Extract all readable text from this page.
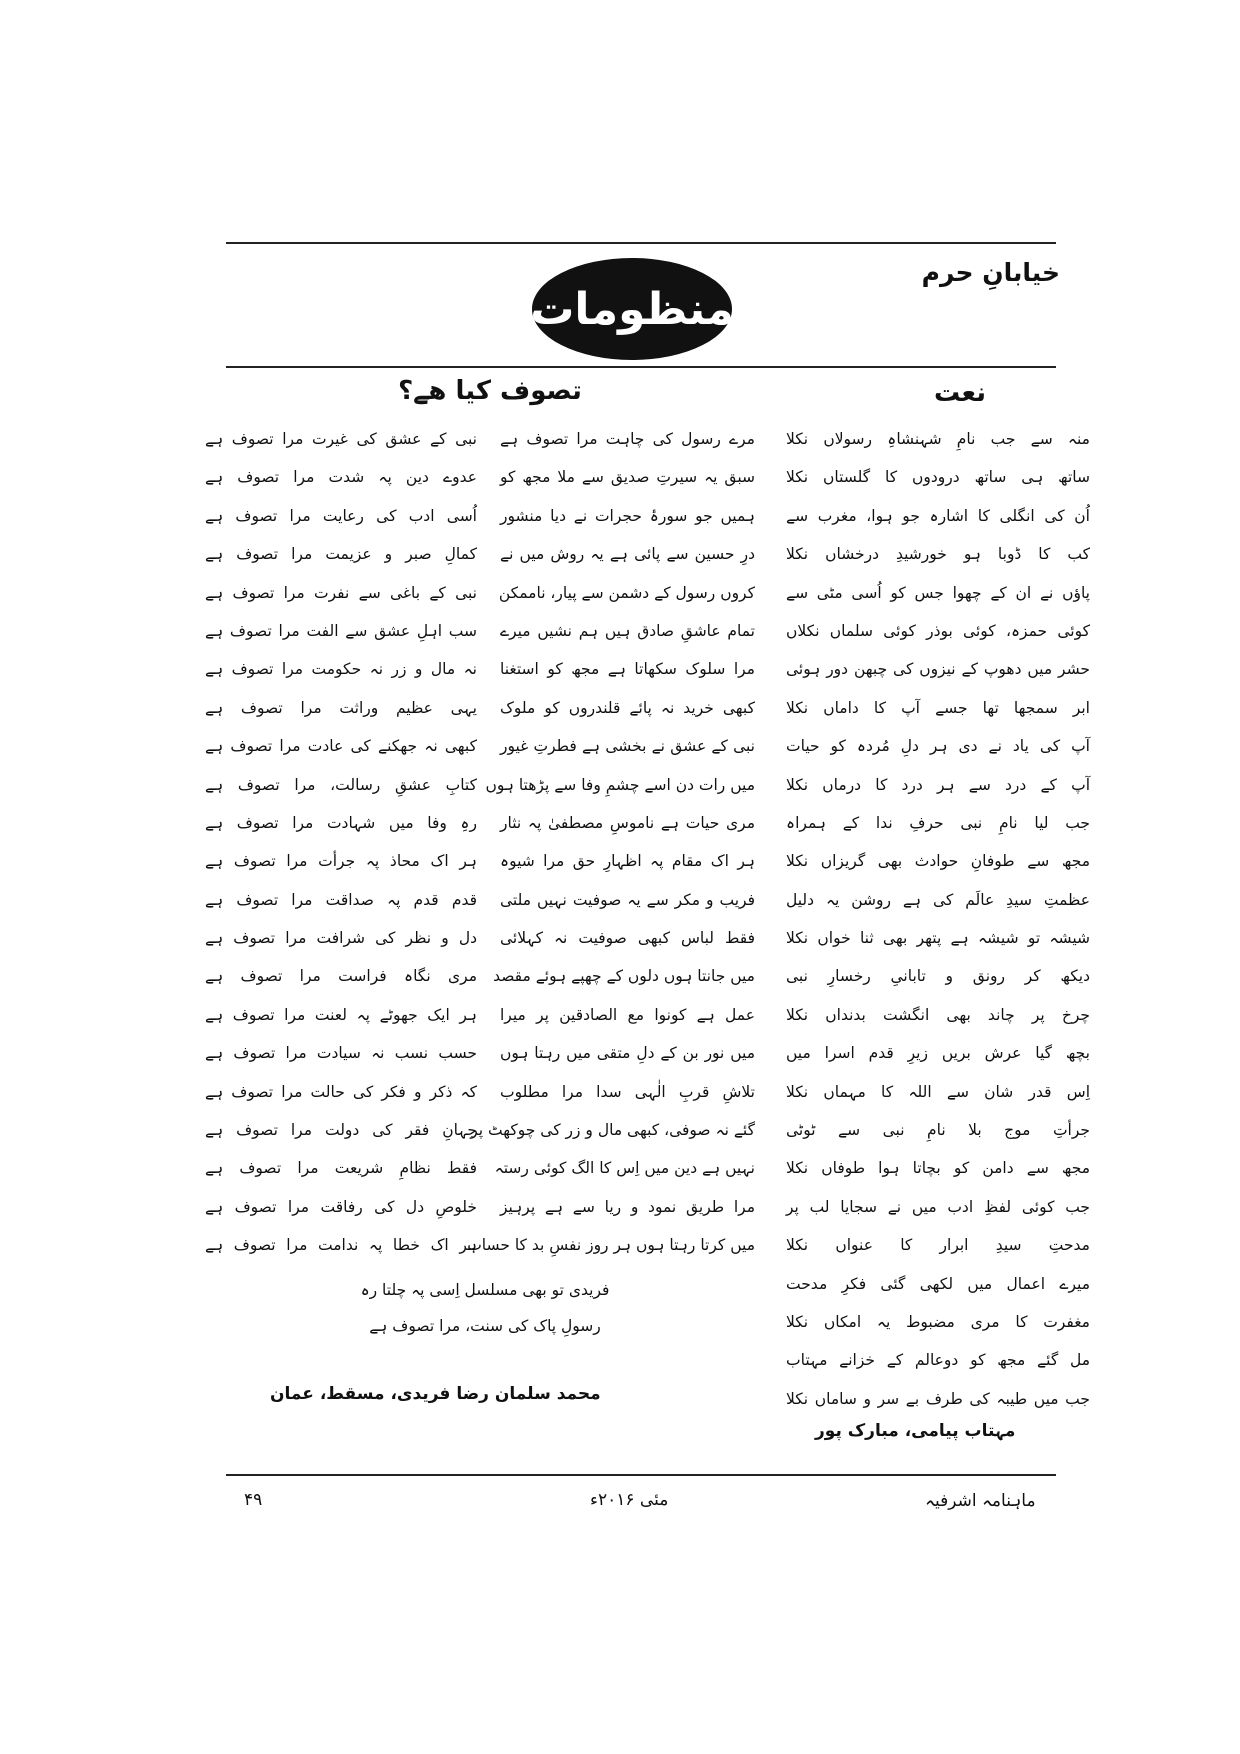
خیابانِ حرم
منظومات
نعت
تصوف کیا ھے؟
منہ سے جب نامِ شہنشاہِ رسولاں نکلا
ساتھ ہی ساتھ درودوں کا گلستاں نکلا
اُن کی انگلی کا اشارہ جو ہوا، مغرب سے
کب کا ڈوبا ہو خورشیدِ درخشاں نکلا
پاؤں نے ان کے چھوا جس کو اُسی مٹی سے
کوئی حمزہ، کوئی بوذر کوئی سلماں نکلاں
حشر میں دھوپ کے نیزوں کی چبھن دور ہوئی
ابر سمجھا تھا جسے آپ کا داماں نکلا
آپ کی یاد نے دی ہر دلِ مُردہ کو حیات
آپ کے درد سے ہر درد کا درماں نکلا
جب لیا نامِ نبی حرفِ ندا کے ہمراہ
مجھ سے طوفانِ حوادث بھی گریزاں نکلا
عظمتِ سیدِ عالَم کی ہے روشن یہ دلیل
شیشہ تو شیشہ ہے پتھر بھی ثنا خواں نکلا
دیکھ کر رونق و تابانیِ رخسارِ نبی
چرخ پر چاند بھی انگشت بدنداں نکلا
بچھ گیا عرش بریں زیرِ قدم اسرا میں
اِس قدر شان سے اللہ کا مہماں نکلا
جرأتِ موج بلا نامِ نبی سے ٹوٹی
مجھ سے دامن کو بچاتا ہوا طوفاں نکلا
جب کوئی لفظِ ادب میں نے سجایا لب پر
مدحتِ سیدِ ابرار کا عنواں نکلا
میرے اعمال میں لکھی گئی فکرِ مدحت
مغفرت کا مری مضبوط یہ امکاں نکلا
مل گئے مجھ کو دوعالم کے خزانے مہتاب
جب میں طیبہ کی طرف بے سر و ساماں نکلا
مرے رسول کی چاہت مرا تصوف ہے
سبق یہ سیرتِ صدیق سے ملا مجھ کو
ہمیں جو سورۂ حجرات نے دیا منشور
درِ حسین سے پائی ہے یہ روش میں نے
کروں رسول کے دشمن سے پیار، ناممکن
تمام عاشقِ صادق ہیں ہم نشیں میرے
مرا سلوک سکھاتا ہے مجھ کو استغنا
کبھی خرید نہ پائے قلندروں کو ملوک
نبی کے عشق نے بخشی ہے فطرتِ غیور
میں رات دن اسے چشمِ وفا سے پڑھتا ہوں
مری حیات ہے ناموسِ مصطفیٰ پہ نثار
ہر اک مقام پہ اظہارِ حق مرا شیوہ
فریب و مکر سے یہ صوفیت نہیں ملتی
فقط لباس کبھی صوفیت نہ کہلائی
میں جانتا ہوں دلوں کے چھپے ہوئے مقصد
عمل ہے کونوا مع الصادقین پر میرا
میں نور بن کے دلِ متقی میں رہتا ہوں
تلاشِ قربِ الٰہی سدا مرا مطلوب
گئے نہ صوفی، کبھی مال و زر کی چوکھٹ پر
نہیں ہے دین میں اِس کا الگ کوئی رستہ
مرا طریق نمود و ریا سے ہے پرہیز
میں کرتا رہتا ہوں ہر روز نفسِ بد کا حساب
نبی کے عشق کی غیرت مرا تصوف ہے
عدوے دین پہ شدت مرا تصوف ہے
اُسی ادب کی رعایت مرا تصوف ہے
کمالِ صبر و عزیمت مرا تصوف ہے
نبی کے باغی سے نفرت مرا تصوف ہے
سب اہلِ عشق سے الفت مرا تصوف ہے
نہ مال و زر نہ حکومت مرا تصوف ہے
یہی عظیم وراثت مرا تصوف ہے
کبھی نہ جھکنے کی عادت مرا تصوف ہے
کتابِ عشقِ رسالت، مرا تصوف ہے
رہِ وفا میں شہادت مرا تصوف ہے
ہر اک محاذ پہ جرأت مرا تصوف ہے
قدم قدم پہ صداقت مرا تصوف ہے
دل و نظر کی شرافت مرا تصوف ہے
مری نگاہ فراست مرا تصوف ہے
ہر ایک جھوٹے پہ لعنت مرا تصوف ہے
حسب نسب نہ سیادت مرا تصوف ہے
کہ ذکر و فکر کی حالت مرا تصوف ہے
جہانِ فقر کی دولت مرا تصوف ہے
فقط نظامِ شریعت مرا تصوف ہے
خلوصِ دل کی رفاقت مرا تصوف ہے
ہر اک خطا پہ ندامت مرا تصوف ہے
فریدی تو بھی مسلسل اِسی پہ چلتا رہ
رسولِ پاک کی سنت، مرا تصوف ہے
محمد سلمان رضا فریدی، مسقط، عمان
مہتاب پیامی، مبارک پور
ماہنامہ اشرفیہ
مئی ۲۰۱۶ء
۴۹
